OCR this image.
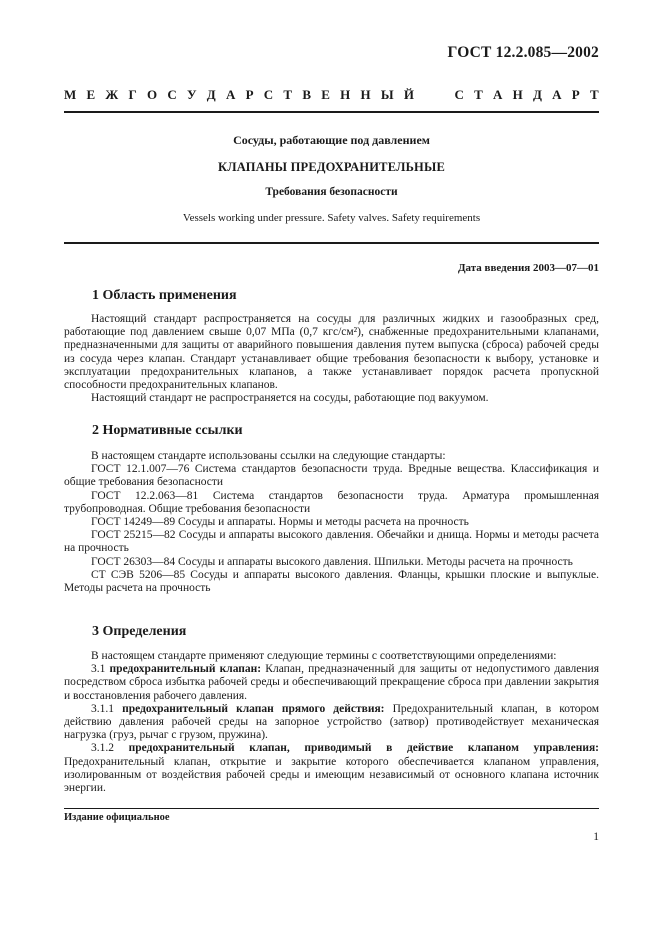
ГОСТ 12.2.085—2002
М Е Ж Г О С У Д А Р С Т В Е Н Н Ы Й	С Т А Н Д А Р Т
Сосуды, работающие под давлением
КЛАПАНЫ ПРЕДОХРАНИТЕЛЬНЫЕ
Требования безопасности
Vessels working under pressure. Safety valves. Safety requirements
Дата введения 2003—07—01
1 Область применения

Настоящий стандарт распространяется на сосуды для различных жидких и газообразных сред, работающие под давлением свыше 0,07 МПа (0,7 кгс/см²), снабженные предохранительными клапанами, предназначенными для защиты от аварийного повышения давления путем выпуска (сброса) рабочей среды из сосуда через клапан. Стандарт устанавливает общие требования безопасности к выбору, установке и эксплуатации предохранительных клапанов, а также устанавливает порядок расчета пропускной способности предохранительных клапанов.

Настоящий стандарт не распространяется на сосуды, работающие под вакуумом.

2 Нормативные ссылки

В настоящем стандарте использованы ссылки на следующие стандарты:

ГОСТ 12.1.007—76 Система стандартов безопасности труда. Вредные вещества. Классификация и общие требования безопасности

ГОСТ 12.2.063—81 Система стандартов безопасности труда. Арматура промышленная трубопроводная. Общие требования безопасности

ГОСТ 14249—89 Сосуды и аппараты. Нормы и методы расчета на прочность

ГОСТ 25215—82 Сосуды и аппараты высокого давления. Обечайки и днища. Нормы и методы расчета на прочность

ГОСТ 26303—84 Сосуды и аппараты высокого давления. Шпильки. Методы расчета на прочность

СТ СЭВ 5206—85 Сосуды и аппараты высокого давления. Фланцы, крышки плоские и выпуклые. Методы расчета на прочность

3 Определения

В настоящем стандарте применяют следующие термины с соответствующими определениями:

3.1 предохранительный клапан: Клапан, предназначенный для защиты от недопустимого давления посредством сброса избытка рабочей среды и обеспечивающий прекращение сброса при давлении закрытия и восстановления рабочего давления.

3.1.1 предохранительный клапан прямого действия: Предохранительный клапан, в котором действию давления рабочей среды на запорное устройство (затвор) противодействует механическая нагрузка (груз, рычаг с грузом, пружина).

3.1.2 предохранительный клапан, приводимый в действие клапаном управления: Предохранительный клапан, открытие и закрытие которого обеспечивается клапаном управления, изолированным от воздействия рабочей среды и имеющим независимый от основного клапана источник энергии.

Издание официальное
1
